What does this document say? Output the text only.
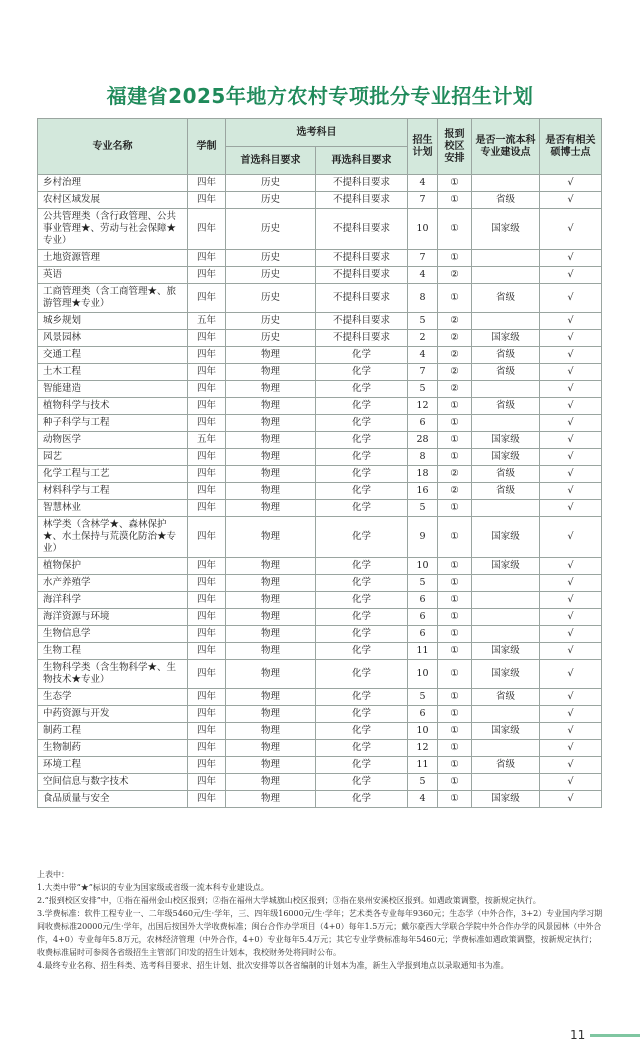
福建省2025年地方农村专项批分专业招生计划
专业名称	学制	选考科目		招生计划	报到校区安排	是否一流本科专业建设点	是否有相关硕博士点
		首选科目要求	再选科目要求				
乡村治理	四年	历史	不提科目要求	4	①		√
农村区域发展	四年	历史	不提科目要求	7	①	省级	√
公共管理类（含行政管理、公共事业管理★、劳动与社会保障★专业）	四年	历史	不提科目要求	10	①	国家级	√
土地资源管理	四年	历史	不提科目要求	7	①		√
英语	四年	历史	不提科目要求	4	②		√
工商管理类（含工商管理★、旅游管理★专业）	四年	历史	不提科目要求	8	①	省级	√
城乡规划	五年	历史	不提科目要求	5	②		√
风景园林	四年	历史	不提科目要求	2	②	国家级	√
交通工程	四年	物理	化学	4	②	省级	√
土木工程	四年	物理	化学	7	②	省级	√
智能建造	四年	物理	化学	5	②		√
植物科学与技术	四年	物理	化学	12	①	省级	√
种子科学与工程	四年	物理	化学	6	①		√
动物医学	五年	物理	化学	28	①	国家级	√
园艺	四年	物理	化学	8	①	国家级	√
化学工程与工艺	四年	物理	化学	18	②	省级	√
材料科学与工程	四年	物理	化学	16	②	省级	√
智慧林业	四年	物理	化学	5	①		√
林学类（含林学★、森林保护★、水土保持与荒漠化防治★专业）	四年	物理	化学	9	①	国家级	√
植物保护	四年	物理	化学	10	①	国家级	√
水产养殖学	四年	物理	化学	5	①		√
海洋科学	四年	物理	化学	6	①		√
海洋资源与环境	四年	物理	化学	6	①		√
生物信息学	四年	物理	化学	6	①		√
生物工程	四年	物理	化学	11	①	国家级	√
生物科学类（含生物科学★、生物技术★专业）	四年	物理	化学	10	①	国家级	√
生态学	四年	物理	化学	5	①	省级	√
中药资源与开发	四年	物理	化学	6	①		√
制药工程	四年	物理	化学	10	①	国家级	√
生物制药	四年	物理	化学	12	①		√
环境工程	四年	物理	化学	11	①	省级	√
空间信息与数字技术	四年	物理	化学	5	①		√
食品质量与安全	四年	物理	化学	4	①	国家级	√

上表中：

1.大类中带“★”标识的专业为国家级或省级一流本科专业建设点。

2.“报到校区安排”中，①指在福州金山校区报到；②指在福州大学城旗山校区报到；③指在泉州安溪校区报到。如遇政策调整，按新规定执行。

3.学费标准：软件工程专业一、二年级5460元/生·学年，三、四年级16000元/生·学年；艺术类各专业每年9360元；生态学（中外合作，3+2）专业国内学习期间收费标准20000元/生·学年，出国后按国外大学收费标准；闽台合作办学项目（4+0）每年1.5万元；戴尔豪西大学联合学院中外合作办学的风景园林（中外合作，4+0）专业每年5.8万元，农林经济管理（中外合作，4+0）专业每年5.4万元；其它专业学费标准每年5460元；学费标准如遇政策调整，按新规定执行；收费标准届时可参阅各省级招生主管部门印发的招生计划本，我校财务处将同时公布。

4.最终专业名称、招生科类、选考科目要求、招生计划、批次安排等以各省编制的计划本为准，新生入学报到地点以录取通知书为准。

11
